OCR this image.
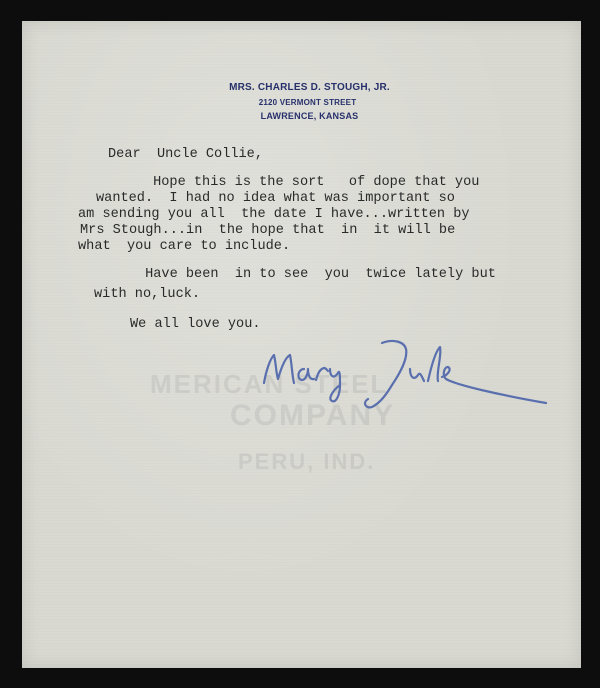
MERICAN STEEL
COMPANY
PERU, IND.
MRS. CHARLES D. STOUGH, JR.
2120 VERMONT STREET
LAWRENCE, KANSAS
Dear  Uncle Collie,
Hope this is the sort   of dope that you
wanted.  I had no idea what was important so
am sending you all  the date I have...written by
Mrs Stough...in  the hope that  in  it will be
what  you care to include.
Have been  in to see  you  twice lately but
with no,luck.
We all love you.
